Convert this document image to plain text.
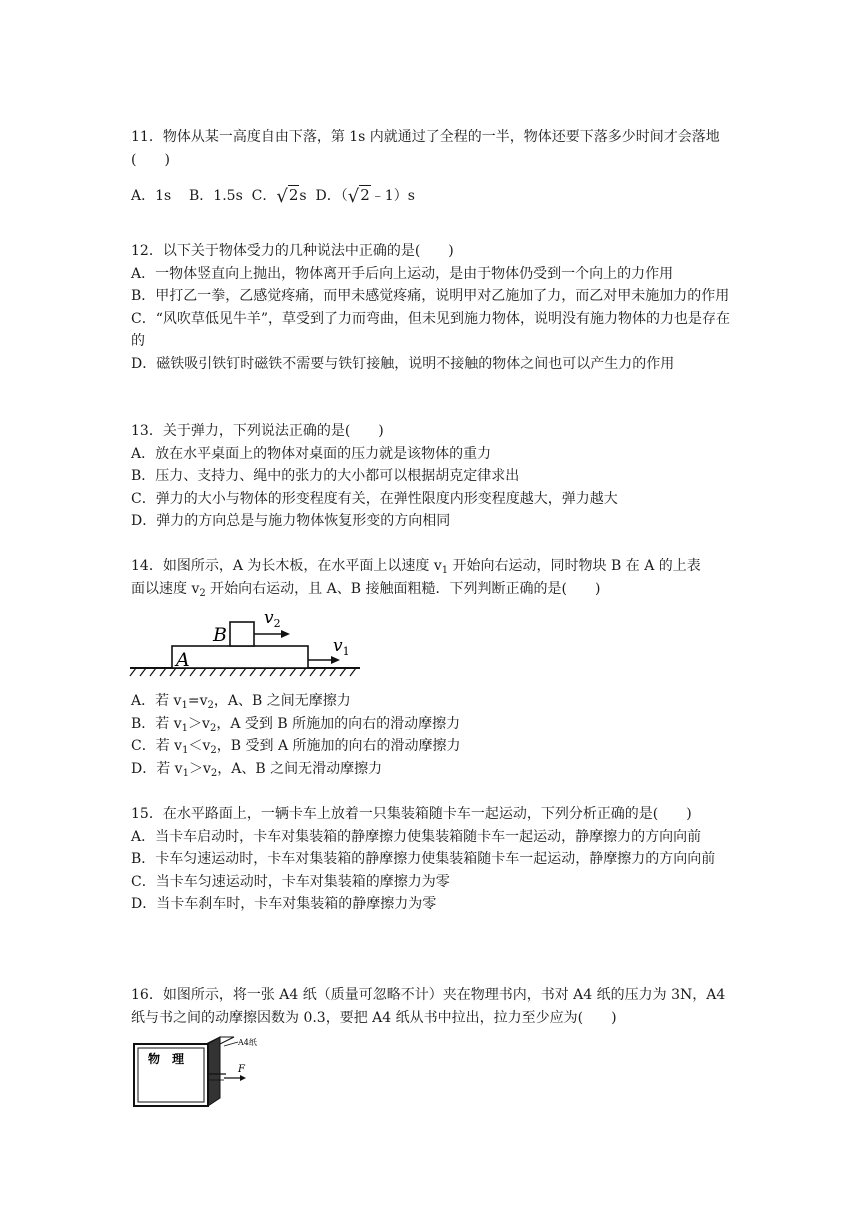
11．物体从某一高度自由下落，第 1s 内就通过了全程的一半，物体还要下落多少时间才会落地(　　)
A．1s B．1.5s C．√2s D．（√2﹣1）s
12．以下关于物体受力的几种说法中正确的是(　　)
A．一物体竖直向上抛出，物体离开手后向上运动，是由于物体仍受到一个向上的力作用
B．甲打乙一拳，乙感觉疼痛，而甲未感觉疼痛，说明甲对乙施加了力，而乙对甲未施加力的作用
C．“风吹草低见牛羊”，草受到了力而弯曲，但未见到施力物体，说明没有施力物体的力也是存在的
D．磁铁吸引铁钉时磁铁不需要与铁钉接触，说明不接触的物体之间也可以产生力的作用
13．关于弹力，下列说法正确的是(　　)
A．放在水平桌面上的物体对桌面的压力就是该物体的重力
B．压力、支持力、绳中的张力的大小都可以根据胡克定律求出
C．弹力的大小与物体的形变程度有关，在弹性限度内形变程度越大，弹力越大
D．弹力的方向总是与施力物体恢复形变的方向相同
14．如图所示，A 为长木板，在水平面上以速度 $v_1$ 开始向右运动，同时物块 B 在 A 的上表
面以速度 $v_2$ 开始向右运动，且 A、B 接触面粗糙．下列判断正确的是(　　)
A
B
$v_2$
$v_1$
A．若 $v_1=v_2$，A、B 之间无摩擦力
B．若 $v_1>v_2$，A 受到 B 所施加的向右的滑动摩擦力
C．若 $v_1<v_2$，B 受到 A 所施加的向右的滑动摩擦力
D．若 $v_1>v_2$，A、B 之间无滑动摩擦力
15．在水平路面上，一辆卡车上放着一只集装箱随卡车一起运动，下列分析正确的是(　　)
A．当卡车启动时，卡车对集装箱的静摩擦力使集装箱随卡车一起运动，静摩擦力的方向向前
B．卡车匀速运动时，卡车对集装箱的静摩擦力使集装箱随卡车一起运动，静摩擦力的方向向前
C．当卡车匀速运动时，卡车对集装箱的摩擦力为零
D．当卡车刹车时，卡车对集装箱的静摩擦力为零
16．如图所示，将一张 A4 纸（质量可忽略不计）夹在物理书内，书对 A4 纸的压力为 3N，A4 纸与书之间的动摩擦因数为 0.3，要把 A4 纸从书中拉出，拉力至少应为(　　)
物　理
A4纸
F
